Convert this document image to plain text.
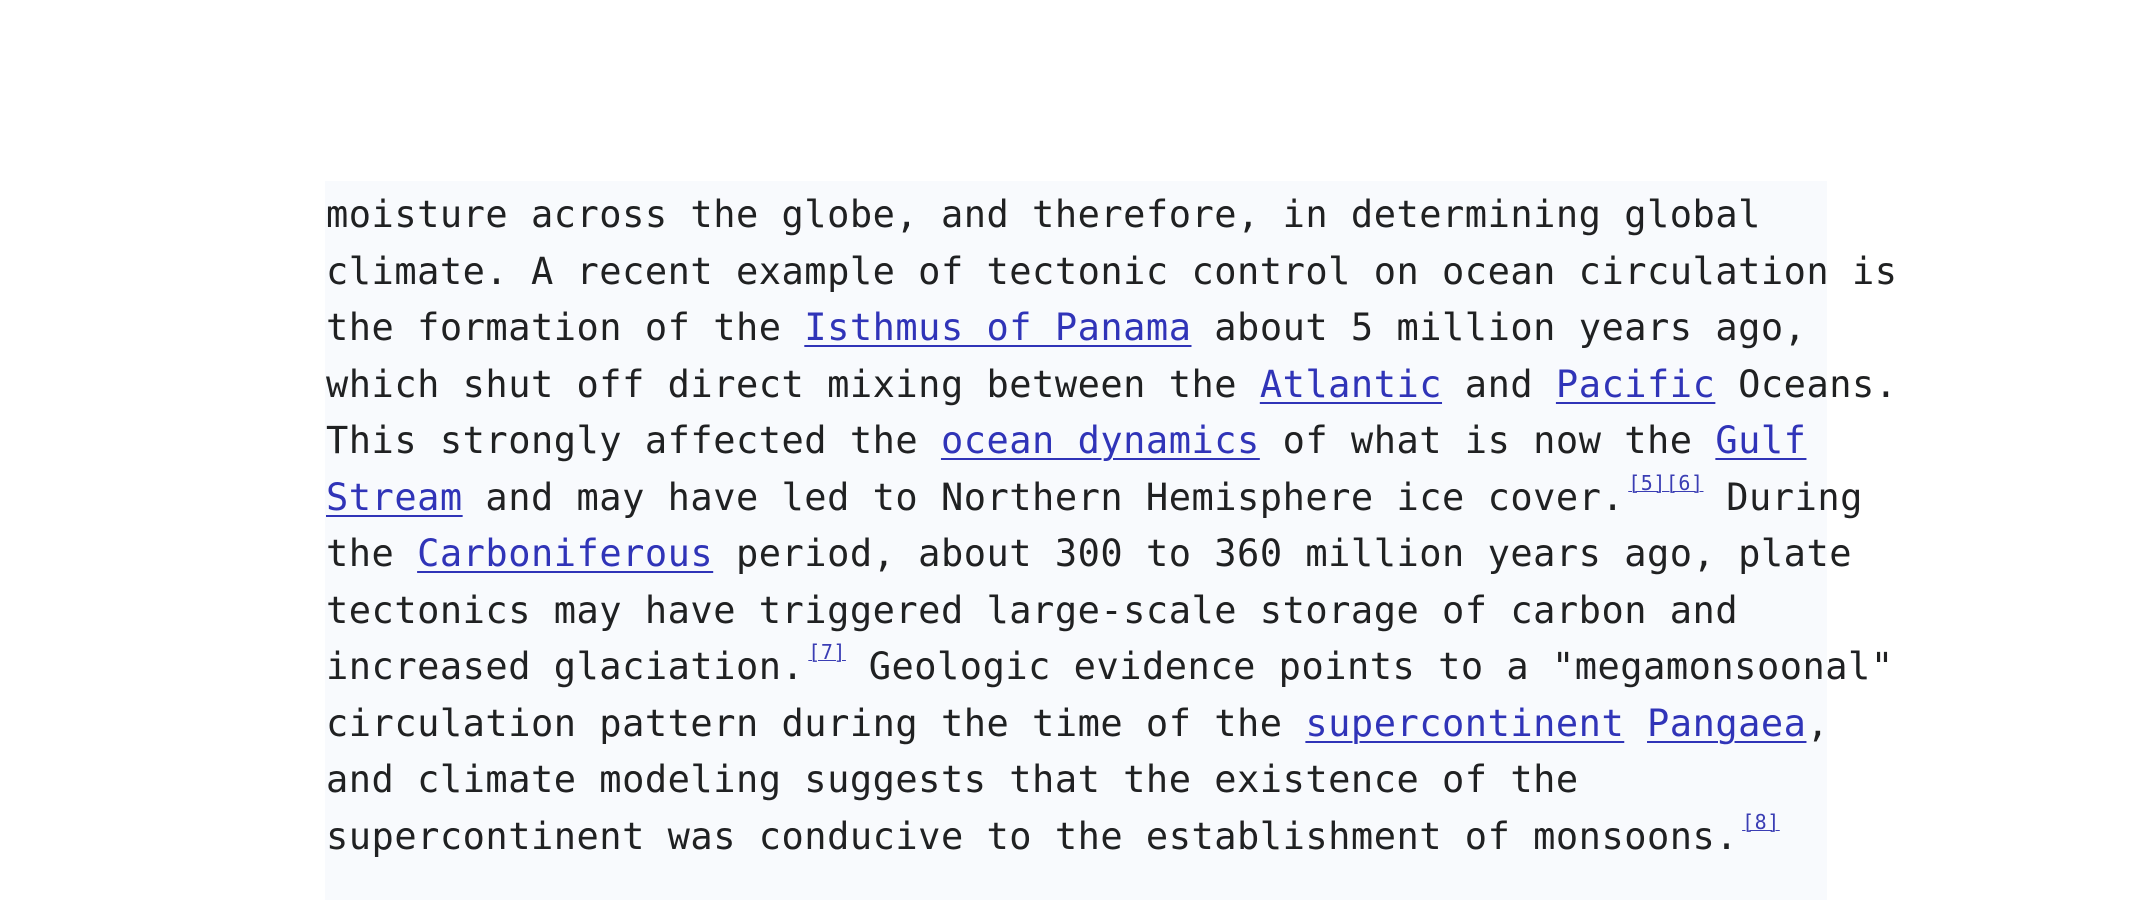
moisture across the globe, and therefore, in determining global
climate. A recent example of tectonic control on ocean circulation is
the formation of the Isthmus of Panama about 5 million years ago,
which shut off direct mixing between the Atlantic and Pacific Oceans.
This strongly affected the ocean dynamics of what is now the Gulf
Stream and may have led to Northern Hemisphere ice cover. [5][6] During
the Carboniferous period, about 300 to 360 million years ago, plate
tectonics may have triggered large-scale storage of carbon and
increased glaciation. [7] Geologic evidence points to a "megamonsoonal"
circulation pattern during the time of the supercontinent Pangaea,
and climate modeling suggests that the existence of the
supercontinent was conducive to the establishment of monsoons. [8]
